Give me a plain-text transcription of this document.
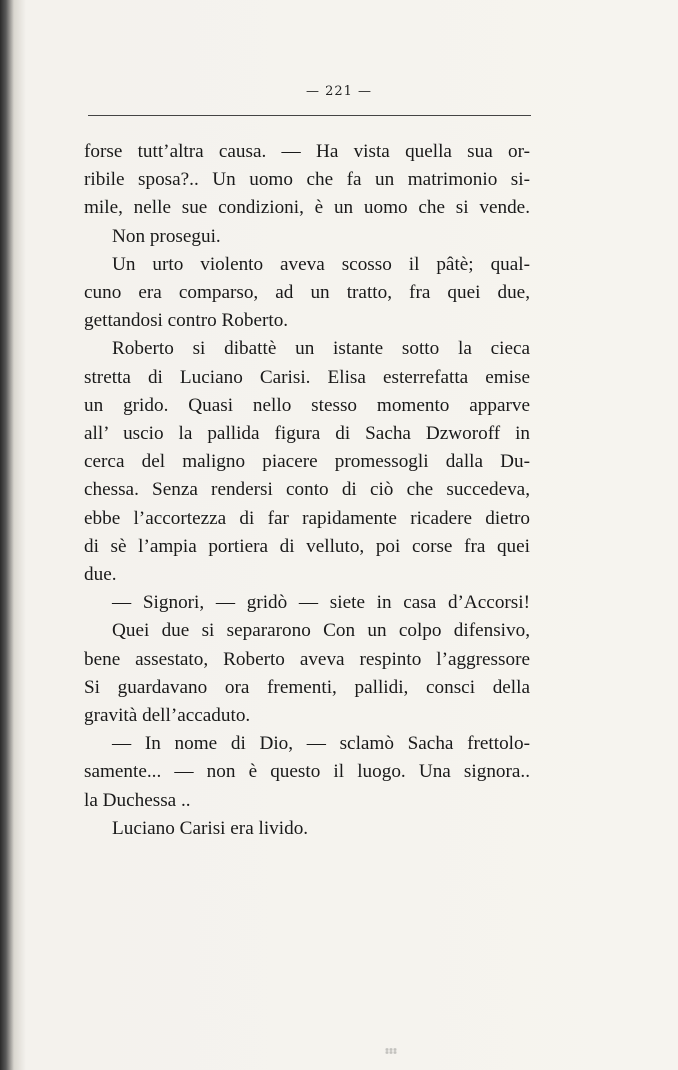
— 221 —
forse tutt’altra causa. — Ha vista quella sua or-
ribile sposa?.. Un uomo che fa un matrimonio si-
mile, nelle sue condizioni, è un uomo che si vende.
Non prosegui.
Un urto violento aveva scosso il pâtè; qual-
cuno era comparso, ad un tratto, fra quei due,
gettandosi contro Roberto.
Roberto si dibattè un istante sotto la cieca
stretta di Luciano Carisi. Elisa esterrefatta emise
un grido. Quasi nello stesso momento apparve
all’ uscio la pallida figura di Sacha Dzworoff in
cerca del maligno piacere promessogli dalla Du-
chessa. Senza rendersi conto di ciò che succedeva,
ebbe l’accortezza di far rapidamente ricadere dietro
di sè l’ampia portiera di velluto, poi corse fra quei
due.
— Signori, — gridò — siete in casa d’Accorsi!
Quei due si separarono Con un colpo difensivo,
bene assestato, Roberto aveva respinto l’aggressore
Si guardavano ora frementi, pallidi, consci della
gravità dell’accaduto.
— In nome di Dio, — sclamò Sacha frettolo-
samente... — non è questo il luogo. Una signora..
la Duchessa ..
Luciano Carisi era livido.
